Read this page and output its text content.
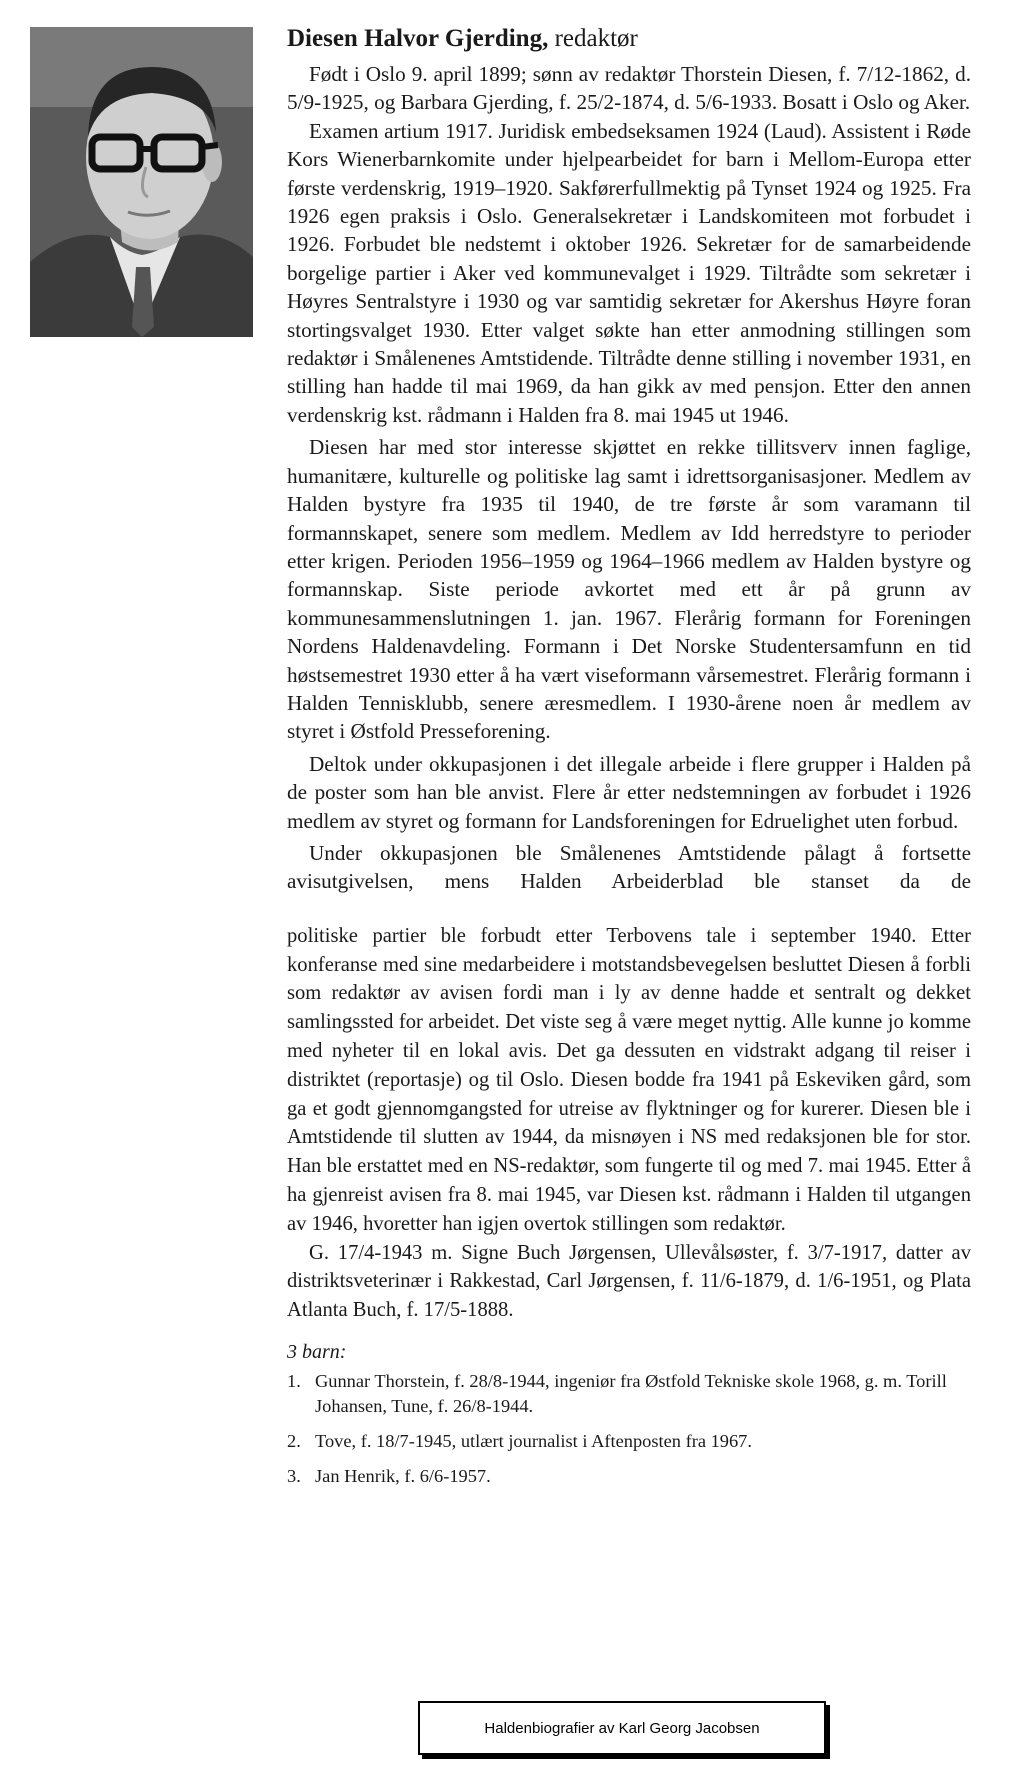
Diesen Halvor Gjerding, redaktør

Født i Oslo 9. april 1899; sønn av redaktør Thorstein Diesen, f. 7/12-1862, d. 5/9-1925, og Barbara Gjerding, f. 25/2-1874, d. 5/6-1933. Bosatt i Oslo og Aker.

Examen artium 1917. Juridisk embedseksamen 1924 (Laud). Assistent i Røde Kors Wienerbarnkomite under hjelpearbeidet for barn i Mellom-Europa etter første verdenskrig, 1919–1920. Sakførerfullmektig på Tynset 1924 og 1925. Fra 1926 egen praksis i Oslo. Generalsekretær i Landskomiteen mot forbudet i 1926. Forbudet ble nedstemt i oktober 1926. Sekretær for de samarbeidende borgelige partier i Aker ved kommunevalget i 1929. Tiltrådte som sekretær i Høyres Sentralstyre i 1930 og var samtidig sekretær for Akershus Høyre foran stortingsvalget 1930. Etter valget søkte han etter anmodning stillingen som redaktør i Smålenenes Amtstidende. Tiltrådte denne stilling i november 1931, en stilling han hadde til mai 1969, da han gikk av med pensjon. Etter den annen verdenskrig kst. rådmann i Halden fra 8. mai 1945 ut 1946.

Diesen har med stor interesse skjøttet en rekke tillitsverv innen faglige, humanitære, kulturelle og politiske lag samt i idrettsorganisasjoner. Medlem av Halden bystyre fra 1935 til 1940, de tre første år som varamann til formannskapet, senere som medlem. Medlem av Idd herredstyre to perioder etter krigen. Perioden 1956–1959 og 1964–1966 medlem av Halden bystyre og formannskap. Siste periode avkortet med ett år på grunn av kommunesammenslutningen 1. jan. 1967. Flerårig formann for Foreningen Nordens Haldenavdeling. Formann i Det Norske Studentersamfunn en tid høstsemestret 1930 etter å ha vært viseformann vårsemestret. Flerårig formann i Halden Tennisklubb, senere æresmedlem. I 1930-årene noen år medlem av styret i Østfold Presseforening.

Deltok under okkupasjonen i det illegale arbeide i flere grupper i Halden på de poster som han ble anvist. Flere år etter nedstemningen av forbudet i 1926 medlem av styret og formann for Landsforeningen for Edruelighet uten forbud.

Under okkupasjonen ble Smålenenes Amtstidende pålagt å fortsette avisutgivelsen, mens Halden Arbeiderblad ble stanset da de

politiske partier ble forbudt etter Terbovens tale i september 1940. Etter konferanse med sine medarbeidere i motstandsbevegelsen besluttet Diesen å forbli som redaktør av avisen fordi man i ly av denne hadde et sentralt og dekket samlingssted for arbeidet. Det viste seg å være meget nyttig. Alle kunne jo komme med nyheter til en lokal avis. Det ga dessuten en vidstrakt adgang til reiser i distriktet (reportasje) og til Oslo. Diesen bodde fra 1941 på Eskeviken gård, som ga et godt gjennomgangsted for utreise av flyktninger og for kurerer. Diesen ble i Amtstidende til slutten av 1944, da misnøyen i NS med redaksjonen ble for stor. Han ble erstattet med en NS-redaktør, som fungerte til og med 7. mai 1945. Etter å ha gjenreist avisen fra 8. mai 1945, var Diesen kst. rådmann i Halden til utgangen av 1946, hvoretter han igjen overtok stillingen som redaktør.

G. 17/4-1943 m. Signe Buch Jørgensen, Ullevålsøster, f. 3/7-1917, datter av distriktsveterinær i Rakkestad, Carl Jørgensen, f. 11/6-1879, d. 1/6-1951, og Plata Atlanta Buch, f. 17/5-1888.

3 barn:
1. Gunnar Thorstein, f. 28/8-1944, ingeniør fra Østfold Tekniske skole 1968, g. m. Torill Johansen, Tune, f. 26/8-1944.
2. Tove, f. 18/7-1945, utlært journalist i Aftenposten fra 1967.
3. Jan Henrik, f. 6/6-1957.
Haldenbiografier av Karl Georg Jacobsen
